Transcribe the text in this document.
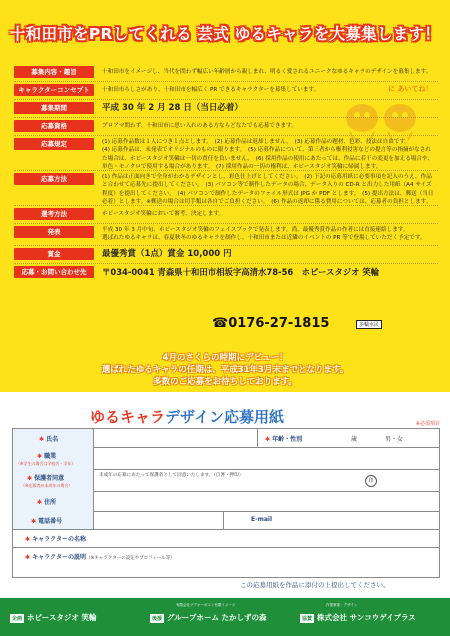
十和田市をPRしてくれる 芸式 ゆるキャラを大募集します！
に あいてね！
募集内容・趣旨	十和田市をイメージし、当代を問わず幅広い年齢層から親しまれ、明るく愛されるユニークなゆるキャラのデザインを募集します。
キャラクターコンセプト	十和田市らしさがあり、十和田市を幅広く PR できるキャラクターを募集しています。
募集期間	平成 30 年 2 月 28 日（当日必着）
応募資格	プロアマ問わず、十和田市に思い入れのある方ならどなたでも応募できます。
応募規定	(1) 応募作品数は１人につき１点とします。　(2) 応募作品は返却しません。　(3) 応募作品の題材、色彩、技法は自由です。
(4) 応募作品は、未発表でオリジナルのものに限ります。　(5) 応募作品について、第三者から権利侵害などの提言等の指摘がなされた場合は、ホビースタジオ笑輪は一切の責任を負いません。　(6) 採用作品の使用にあたっては、作品に若干の変更を加える場合や、単色・モノクロで使用する場合があります。　(7) 採用作品の一切の権利は、ホビースタジオ笑輪に帰属します。
応募方法	(1) 作品は正面向きで全身がわかるデザインとし、彩色仕上げとしてください。　(2) 下記の応募用紙に必要事項を記入のうえ、作品と合わせて応募先に提出してください。　(3) パソコン等で制作したデータの場合、データ入りの CD-R と出力した用紙（A4 サイズ程度）を提出してください。　(4) パソコンで制作したデータのファイル形式は JPG か PDF とします。　(5) 提出方法は、郵送（当日必着）とします。※郵送の場合は切手類は各自でご負担ください。　(6) 作品の返却に係る費用については、応募者の負担とします。
選考方法	ホビースタジオ笑輪において審考、決定します。
発表	平成 30 年 3 月中旬、ホビースタジオ笑輪のフェイスブックで発表します。尚、最優秀賞作品の作者には直接連絡します。
選ばれたゆるキャラは、春夏秋冬のゆるキャラを制作し、十和田市または近隣のイベントの PR 等で登場していただく予定です。
賞金	最優秀賞（1点）賞金 10,000 円
応募・お問い合わせ先	〒034-0041 青森県十和田市相坂字高清水78-56　ホビースタジオ 笑輪
☎0176-27-1815	歩輪水民
4月のさくらの時期にデビュー！
選ばれたゆるキャラの任期は、平成31年3月末までとなります。
多数のご応募をお待ちしております。
ゆるキャラデザイン応募用紙	※必須項目
✱ 氏名	✱ 年齢・性別	歳	男・女
✱ 職業
（※学生の場合は学校名・学年）
✱ 保護者同意
（※応募者が未成年の場合）
未成年の応募にあたって保護者として同意いたします。（自署・押印）
印
✱ 住所
✱ 電話番号	E-mail
✱ キャラクターの名称
✱ キャラクターの説明（※キャラクターの設定やプロフィール等）
この応募用紙を作品に添付の上提出してください。
企画 ホビースタジオ 笑輪	後援 グループホーム たかしずの森	協賛 株式会社 サンコウゲイプラス
有限会社グアホーポスト有限イメージ	作業事業・デザイン
